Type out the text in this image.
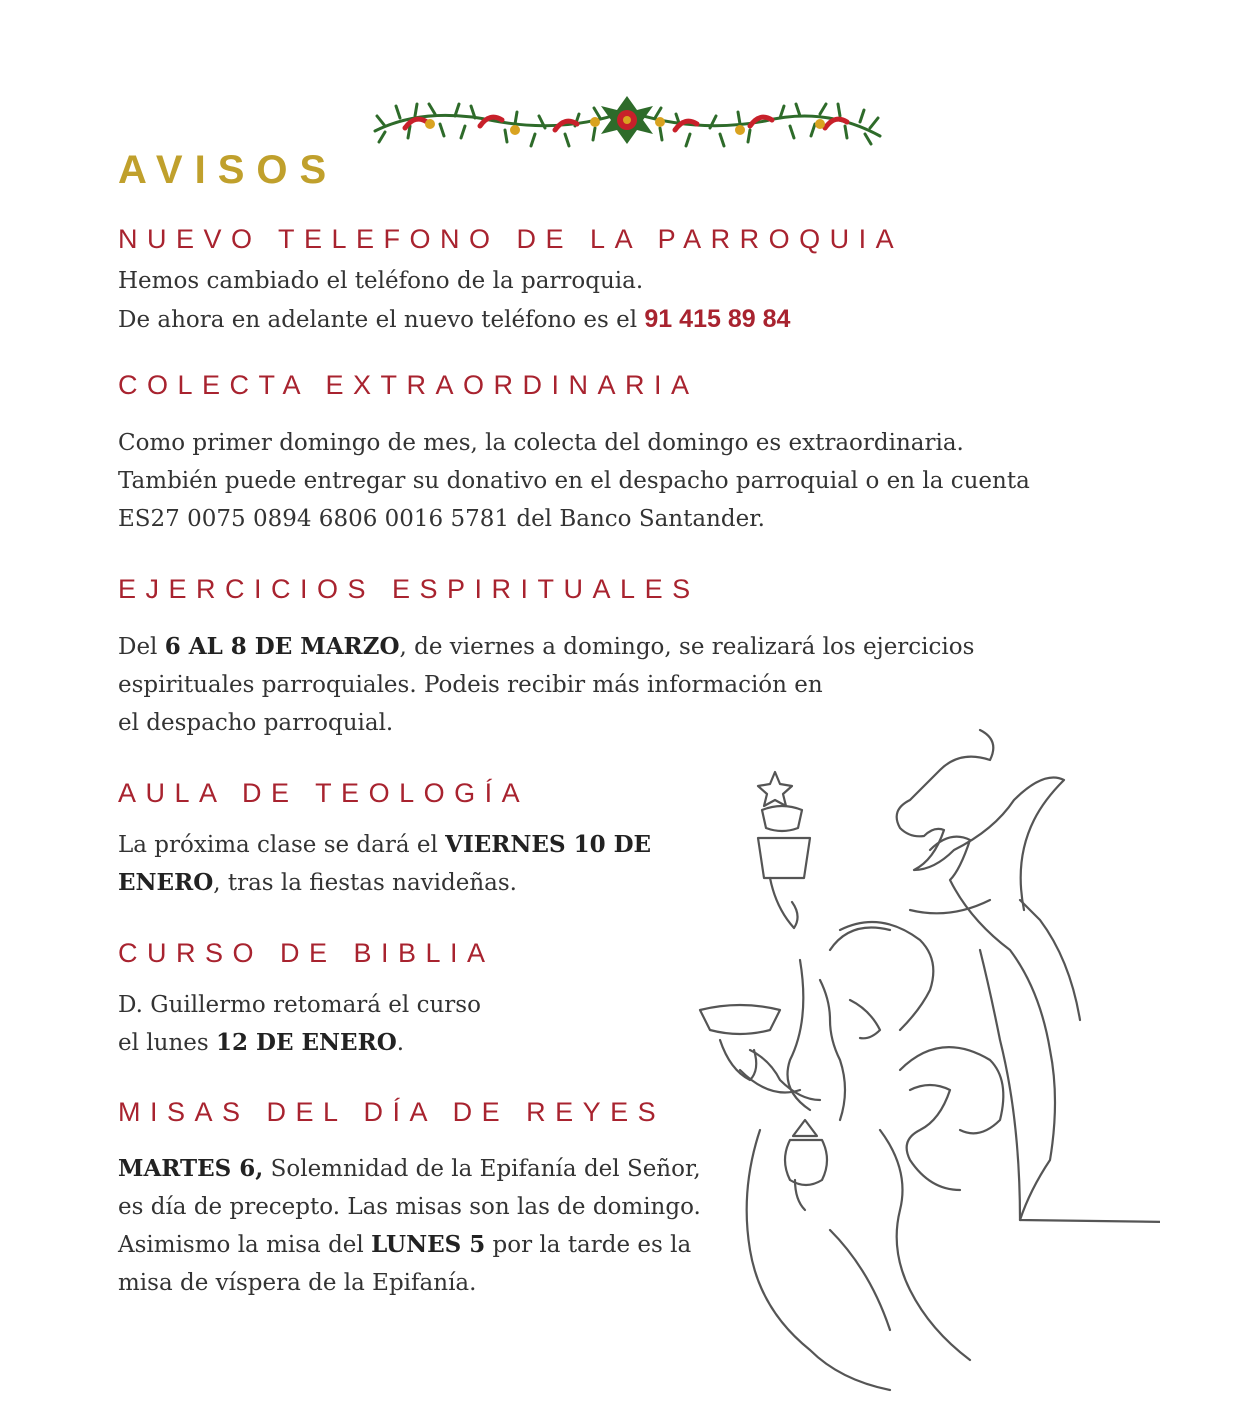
AVISOS
NUEVO TELEFONO DE LA PARROQUIA
Hemos cambiado el teléfono de la parroquia.
De ahora en adelante el nuevo teléfono es el 91 415 89 84
COLECTA EXTRAORDINARIA
Como primer domingo de mes, la colecta del domingo es extraordinaria.
También puede entregar su donativo en el despacho parroquial o en la cuenta
ES27 0075 0894 6806 0016 5781 del Banco Santander.
EJERCICIOS ESPIRITUALES
Del 6 AL 8 DE MARZO, de viernes a domingo, se realizará los ejercicios
espirituales parroquiales. Podeis recibir más información en
el despacho parroquial.
AULA DE TEOLOGÍA
La próxima clase se dará el VIERNES 10 DE
ENERO, tras la fiestas navideñas.
CURSO DE BIBLIA
D. Guillermo retomará el curso
el lunes 12 DE ENERO.
MISAS DEL DÍA DE REYES
MARTES 6, Solemnidad de la Epifanía del Señor,
es día de precepto. Las misas son las de domingo.
Asimismo la misa del LUNES 5 por la tarde es la
misa de víspera de la Epifanía.
